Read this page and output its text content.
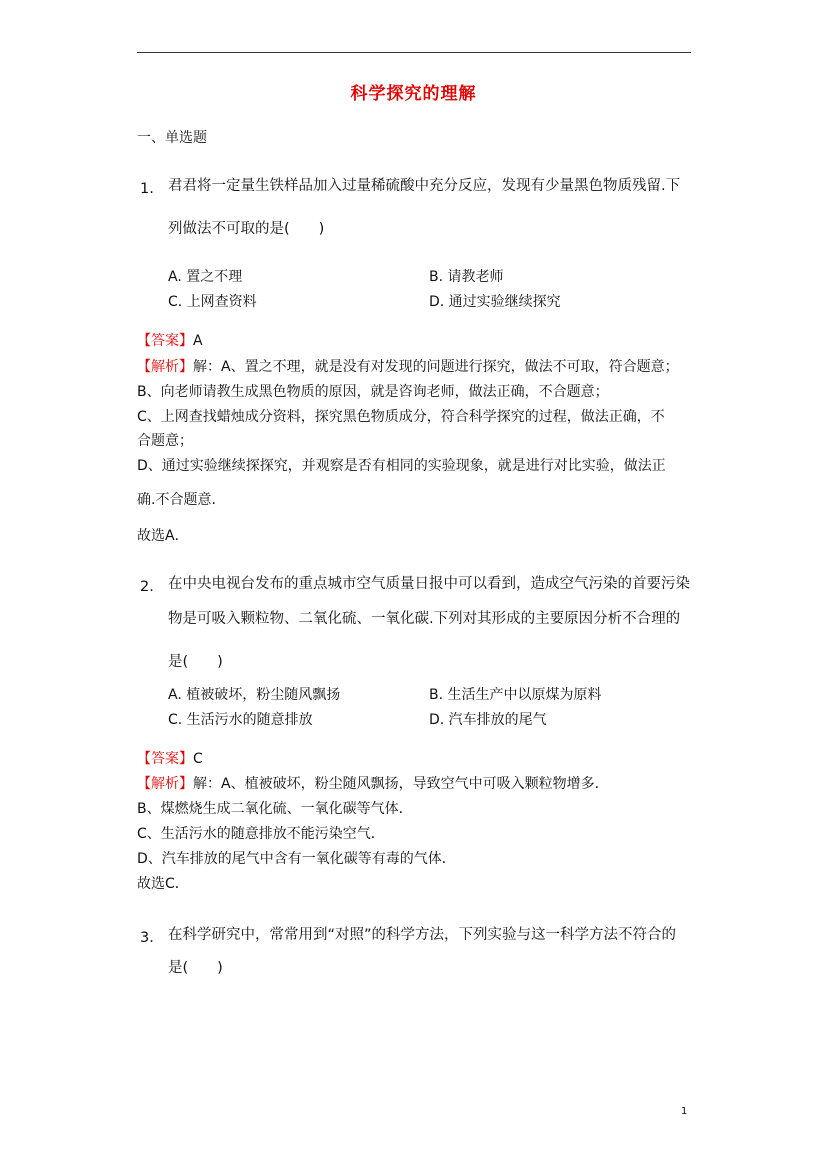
科学探究的理解
一、单选题
1. 君君将一定量生铁样品加入过量稀硫酸中充分反应，发现有少量黑色物质残留.下
列做法不可取的是(　　)
A. 置之不理	B. 请教老师
C. 上网查资料	D. 通过实验继续探究
【答案】A
【解析】解：A、置之不理，就是没有对发现的问题进行探究，做法不可取，符合题意；
B、向老师请教生成黑色物质的原因，就是咨询老师，做法正确，不合题意；
C、上网查找蜡烛成分资料，探究黑色物质成分，符合科学探究的过程，做法正确，不
合题意；
D、通过实验继续探探究，并观察是否有相同的实验现象，就是进行对比实验，做法正
确.不合题意.
故选A．
2. 在中央电视台发布的重点城市空气质量日报中可以看到，造成空气污染的首要污染
物是可吸入颗粒物、二氧化硫、一氧化碳.下列对其形成的主要原因分析不合理的
是(　　)
A. 植被破坏，粉尘随风飘扬	B. 生活生产中以原煤为原料
C. 生活污水的随意排放	D. 汽车排放的尾气
【答案】C
【解析】解：A、植被破坏，粉尘随风飘扬，导致空气中可吸入颗粒物增多．
B、煤燃烧生成二氧化硫、一氧化碳等气体．
C、生活污水的随意排放不能污染空气．
D、汽车排放的尾气中含有一氧化碳等有毒的气体．
故选C．
3. 在科学研究中，常常用到“对照”的科学方法，下列实验与这一科学方法不符合的
是(　　)
1
